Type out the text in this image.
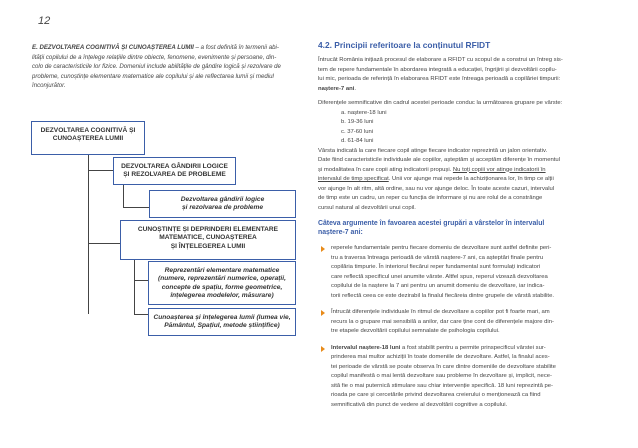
12
E. DEZVOLTAREA COGNITIVĂ ȘI CUNOAȘTEREA LUMII – a fost definită în termenii abi-
lității copilului de a înțelege relațiile dintre obiecte, fenomene, evenimente și persoane, din-
colo de caracteristicile lor fizice. Domeniul include abilitățile de gândire logică și rezolvare de
probleme, cunoștințe elementare matematice ale copilului și ale reflectarea lumii și mediul
înconjurător.
DEZVOLTAREA COGNITIVĂ ȘI
CUNOAȘTEREA LUMII
DEZVOLTAREA GÂNDIRII LOGICE
ȘI REZOLVAREA DE PROBLEME
Dezvoltarea gândirii logice
și rezolvarea de probleme
CUNOȘTINȚE ȘI DEPRINDERI ELEMENTARE
MATEMATICE, CUNOAȘTEREA
ȘI ÎNȚELEGEREA LUMII
Reprezentări elementare matematice
(numere, reprezentări numerice, operații,
concepte de spațiu, forme geometrice,
înțelegerea modelelor, măsurare)
Cunoașterea și înțelegerea lumii (lumea vie,
Pământul, Spațiul, metode științifice)
4.2. Principii referitoare la conținutul RFIDT
Întrucât România inițiază procesul de elaborare a RFIDT cu scopul de a construi un întreg sis-
tem de repere fundamentale în abordarea integrată a educației, îngrijirii și dezvoltării copilu-
lui mic, perioada de referință în elaborarea RFIDT este întreaga perioadă a copilăriei timpurii:
naștere-7 ani.
Diferențele semnificative din cadrul acestei perioade conduc la următoarea grupare pe vârste:
a. naștere-18 luni
b. 19-36 luni
c. 37-60 luni
d. 61-84 luni
Vârsta indicată la care fiecare copil atinge fiecare indicator reprezintă un jalon orientativ.
Date fiind caracteristicile individuale ale copiilor, așteptăm și acceptăm diferențe în momentul
și modalitatea în care copii ating indicatorii propuși. Nu toți copiii vor atinge indicatorii în
intervalul de timp specificat. Unii vor ajunge mai repede la achiziționarea lor, în timp ce alții
vor ajunge în alt ritm, altă ordine, sau nu vor ajunge deloc. În toate aceste cazuri, intervalul
de timp este un cadru, un reper cu funcția de informare și nu are rolul de a constrânge
cursul natural al dezvoltării unui copil.
Câteva argumente în favoarea acestei grupări a vârstelor în intervalul
naștere-7 ani:
reperele fundamentale pentru fiecare domeniu de dezvoltare sunt astfel definite peri-
tru a traversa întreaga perioadă de vârstă naștere-7 ani, ca așteptări finale pentru
copilăria timpurie. În interiorul fiecărui reper fundamental sunt formulați indicatori
care reflectă specificul unei anumite vârste. Altfel spus, reperul vizează dezvoltarea
copilului de la naștere la 7 ani pentru un anumit domeniu de dezvoltare, iar indica-
torii reflectă ceea ce este dezirabil la finalul fiecăreia dintre grupele de vârstă stabilite.
Întrucât diferențele individuale în ritmul de dezvoltare a copiilor pot fi foarte mari, am
recurs la o grupare mai sensibilă a anilor, dar care ține cont de diferențele majore din-
tre etapele dezvoltării copilului semnalate de psihologia copilului.
Intervalul naștere-18 luni a fost stabilit pentru a permite prinspecificul vârstei sur-
prinderea mai multor achiziții în toate domeniile de dezvoltare. Astfel, la finalul aces-
tei perioade de vârstă se poate observa în care dintre domeniile de dezvoltare stabilite
copilul manifestă o mai lentă dezvoltare sau probleme în dezvoltare și, implicit, nece-
sită fie o mai puternică stimulare sau chiar intervenție specifică. 18 luni reprezintă pe-
rioada pe care și cercetările privind dezvoltarea creierului o menționează ca fiind
semnificativă din punct de vedere al dezvoltării cognitive a copilului.
